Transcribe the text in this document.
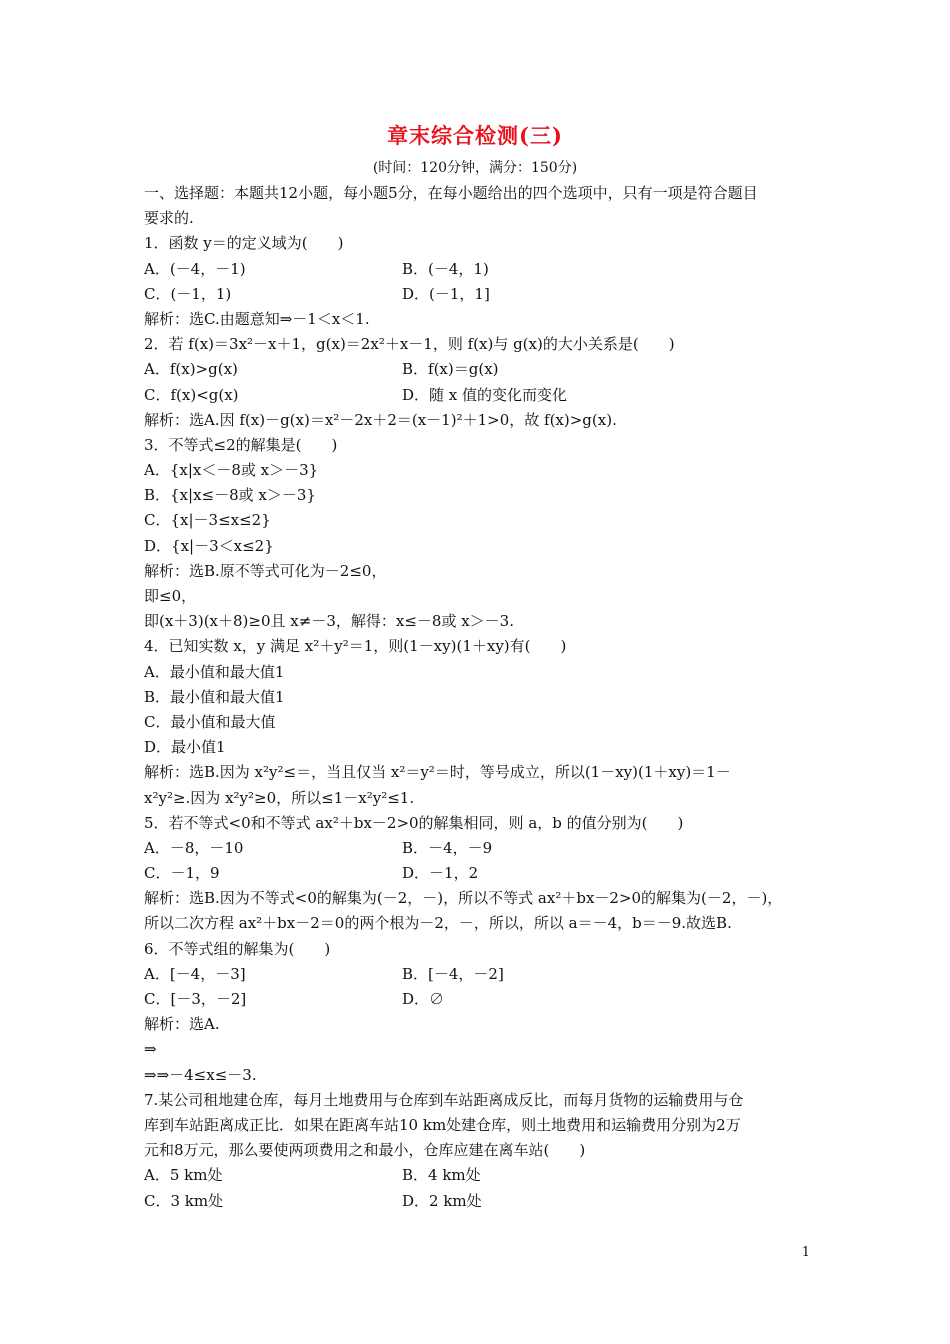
章末综合检测(三)
(时间：120分钟，满分：150分)
一、选择题：本题共12小题，每小题5分，在每小题给出的四个选项中，只有一项是符合题目
要求的.
1．函数 y＝的定义域为(　　)
A．(－4，－1)	B．(－4，1)
C．(－1，1)	D．(－1，1]
解析：选C.由题意知⇒－1＜x＜1.
2．若 f(x)＝3x²－x＋1，g(x)＝2x²＋x－1，则 f(x)与 g(x)的大小关系是(　　)
A．f(x)>g(x)	B．f(x)＝g(x)
C．f(x)<g(x)	D．随 x 值的变化而变化
解析：选A.因 f(x)－g(x)＝x²－2x＋2＝(x－1)²＋1>0，故 f(x)>g(x).
3．不等式≤2的解集是(　　)
A．{x|x＜－8或 x＞－3}
B．{x|x≤－8或 x＞－3}
C．{x|－3≤x≤2}
D．{x|－3＜x≤2}
解析：选B.原不等式可化为－2≤0，
即≤0，
即(x＋3)(x＋8)≥0且 x≠－3，解得：x≤－8或 x＞－3.
4．已知实数 x，y 满足 x²＋y²＝1，则(1－xy)(1＋xy)有(　　)
A．最小值和最大值1
B．最小值和最大值1
C．最小值和最大值
D．最小值1
解析：选B.因为 x²y²≤＝，当且仅当 x²＝y²＝时，等号成立，所以(1－xy)(1＋xy)＝1－
x²y²≥.因为 x²y²≥0，所以≤1－x²y²≤1.
5．若不等式<0和不等式 ax²＋bx－2>0的解集相同，则 a，b 的值分别为(　　)
A．－8，－10	B．－4，－9
C．－1，9	D．－1，2
解析：选B.因为不等式<0的解集为(－2，－)，所以不等式 ax²＋bx－2>0的解集为(－2，－)，
所以二次方程 ax²＋bx－2＝0的两个根为－2，－，所以，所以 a＝－4，b＝－9.故选B.
6．不等式组的解集为(　　)
A．[－4，－3]	B．[－4，－2]
C．[－3，－2]	D．∅
解析：选A.
⇒
⇒⇒－4≤x≤－3.
7.某公司租地建仓库，每月土地费用与仓库到车站距离成反比，而每月货物的运输费用与仓
库到车站距离成正比．如果在距离车站10 km处建仓库，则土地费用和运输费用分别为2万
元和8万元，那么要使两项费用之和最小，仓库应建在离车站(　　)
A．5 km处	B．4 km处
C．3 km处	D．2 km处
1
